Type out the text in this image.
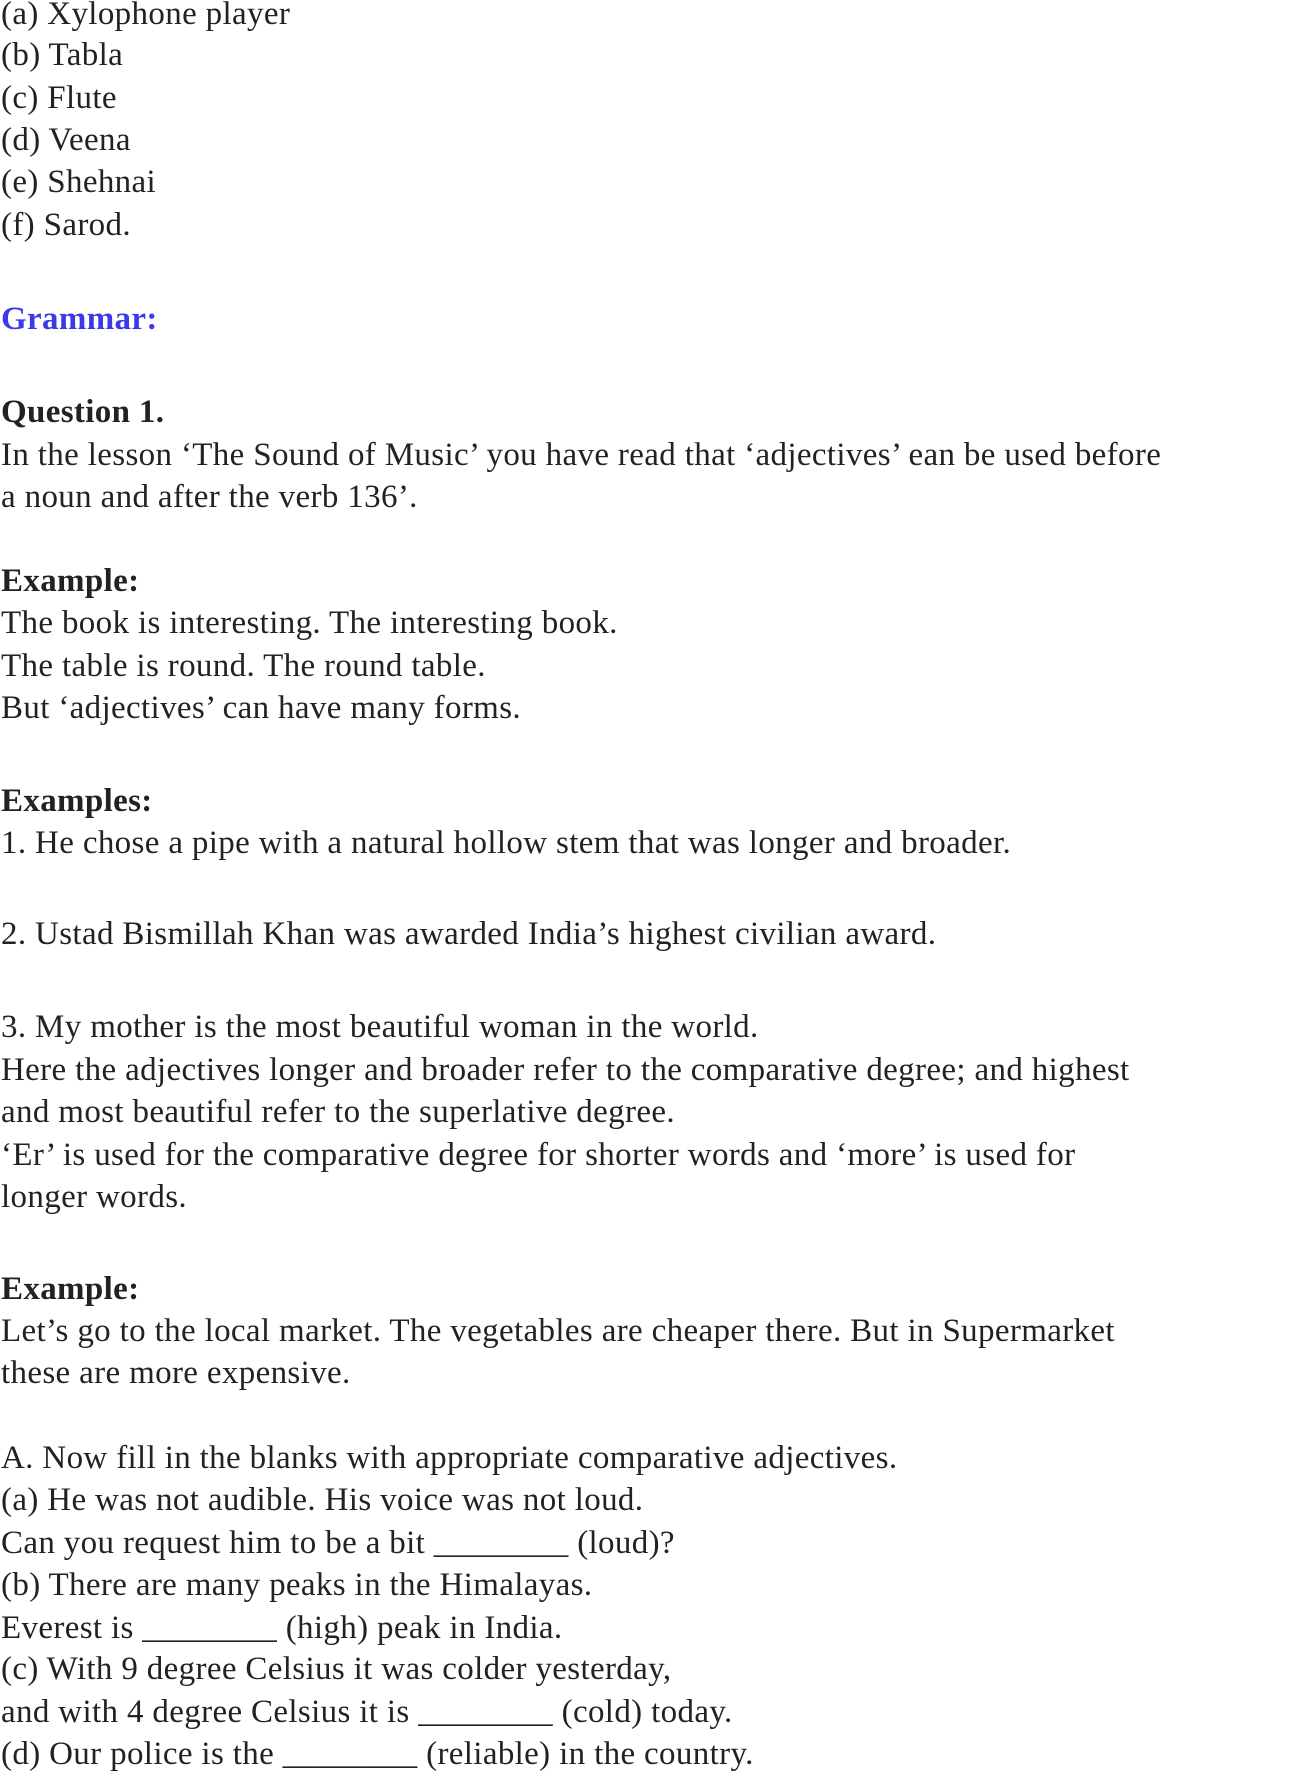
(a) Xylophone player
(b) Tabla
(c) Flute
(d) Veena
(e) Shehnai
(f) Sarod.
Grammar:
Question 1.
In the lesson ‘The Sound of Music’ you have read that ‘adjectives’ ean be used before
a noun and after the verb 136’.
Example:
The book is interesting. The interesting book.
The table is round. The round table.
But ‘adjectives’ can have many forms.
Examples:
1. He chose a pipe with a natural hollow stem that was longer and broader.
2. Ustad Bismillah Khan was awarded India’s highest civilian award.
3. My mother is the most beautiful woman in the world.
Here the adjectives longer and broader refer to the comparative degree; and highest
and most beautiful refer to the superlative degree.
‘Er’ is used for the comparative degree for shorter words and ‘more’ is used for
longer words.
Example:
Let’s go to the local market. The vegetables are cheaper there. But in Supermarket
these are more expensive.
A. Now fill in the blanks with appropriate comparative adjectives.
(a) He was not audible. His voice was not loud.
Can you request him to be a bit ________ (loud)?
(b) There are many peaks in the Himalayas.
Everest is ________ (high) peak in India.
(c) With 9 degree Celsius it was colder yesterday,
and with 4 degree Celsius it is ________ (cold) today.
(d) Our police is the ________ (reliable) in the country.
